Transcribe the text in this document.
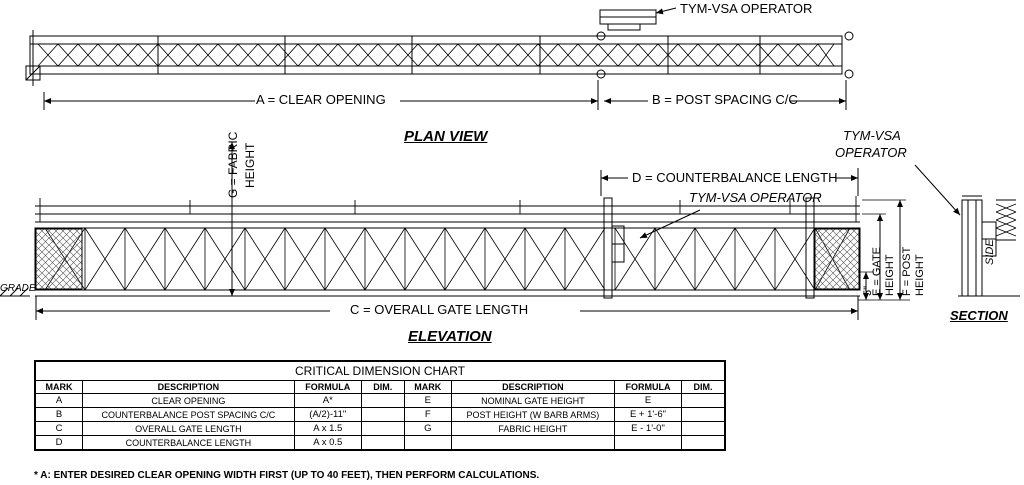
TYM-VSA OPERATOR
A = CLEAR OPENING	B = POST SPACING C/C
PLAN VIEW	TYM-VSA
OPERATOR
D = COUNTERBALANCE LENGTH
TYM-VSA OPERATOR
G = FABRIC HEIGHT
E = GATE HEIGHT F = POST HEIGHT
5"
SIDE
GRADE
C = OVERALL GATE LENGTH
ELEVATION
SECTION
CRITICAL DIMENSION CHART							
MARK	DESCRIPTION	FORMULA	DIM.	MARK	DESCRIPTION	FORMULA	DIM.
A	CLEAR OPENING	A*		E	NOMINAL GATE HEIGHT	E	
B	COUNTERBALANCE POST SPACING C/C	(A/2)-11"		F	POST HEIGHT (W BARB ARMS)	E + 1'-6"	
C	OVERALL GATE LENGTH	A x 1.5		G	FABRIC HEIGHT	E - 1'-0"	
D	COUNTERBALANCE LENGTH	A x 0.5					
* A: ENTER DESIRED CLEAR OPENING WIDTH FIRST (UP TO 40 FEET), THEN PERFORM CALCULATIONS.
